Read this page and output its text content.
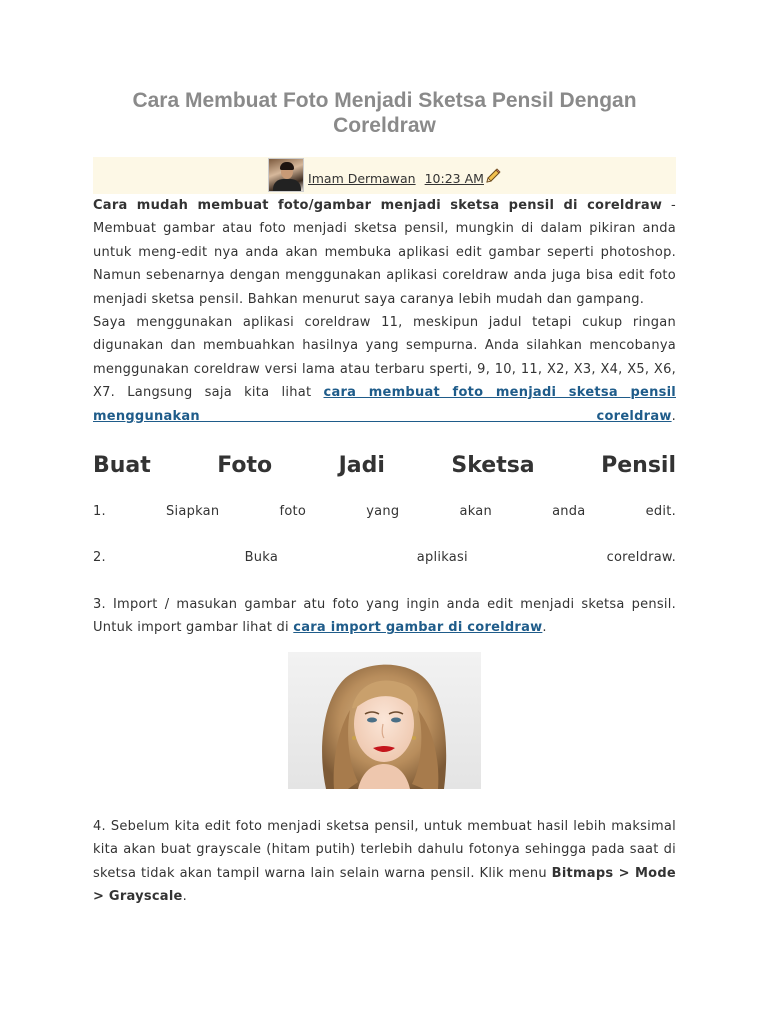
Cara Membuat Foto Menjadi Sketsa Pensil Dengan Coreldraw
Imam Dermawan 10:23 AM

Cara mudah membuat foto/gambar menjadi sketsa pensil di coreldraw - Membuat gambar atau foto menjadi sketsa pensil, mungkin di dalam pikiran anda untuk meng-edit nya anda akan membuka aplikasi edit gambar seperti photoshop. Namun sebenarnya dengan menggunakan aplikasi coreldraw anda juga bisa edit foto menjadi sketsa pensil. Bahkan menurut saya caranya lebih mudah dan gampang.

Saya menggunakan aplikasi coreldraw 11, meskipun jadul tetapi cukup ringan digunakan dan membuahkan hasilnya yang sempurna. Anda silahkan mencobanya menggunakan coreldraw versi lama atau terbaru sperti, 9, 10, 11, X2, X3, X4, X5, X6, X7. Langsung saja kita lihat cara membuat foto menjadi sketsa pensil menggunakan coreldraw.

Buat Foto Jadi Sketsa Pensil

1. Siapkan foto yang akan anda edit.

2. Buka aplikasi coreldraw.

3. Import / masukan gambar atu foto yang ingin anda edit menjadi sketsa pensil. Untuk import gambar lihat di cara import gambar di coreldraw.

4. Sebelum kita edit foto menjadi sketsa pensil, untuk membuat hasil lebih maksimal kita akan buat grayscale (hitam putih) terlebih dahulu fotonya sehingga pada saat di sketsa tidak akan tampil warna lain selain warna pensil. Klik menu Bitmaps > Mode > Grayscale.
